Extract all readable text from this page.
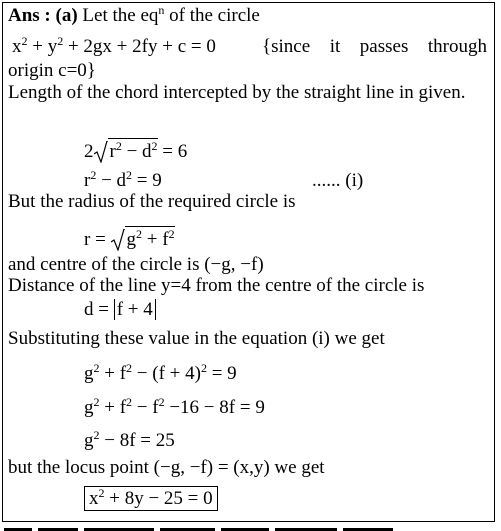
Ans : (a) Let the $eq^n$ of the circle
$x^2 + y^2 + 2gx + 2fy + c = 0$ {since it passes through
origin c=0}
Length of the chord intercepted by the straight line in given.
2 $r^2 - d^2 = 6$
$r^2 - d^2 = 9$	...... (i)
But the radius of the required circle is
$r = g^2 + f^2$
and centre of the circle is (−g, −f)
Distance of the line y=4 from the centre of the circle is
d = f + 4
Substituting these value in the equation (i) we get
$g^2 + f^2 - (f + 4)^2 = 9$
$g^2 + f^2 - f^2 -16 - 8f = 9$
$g^2 - 8f = 25$
but the locus point (−g, −f) = (x,y) we get
$x^2 + 8y - 25 = 0$
